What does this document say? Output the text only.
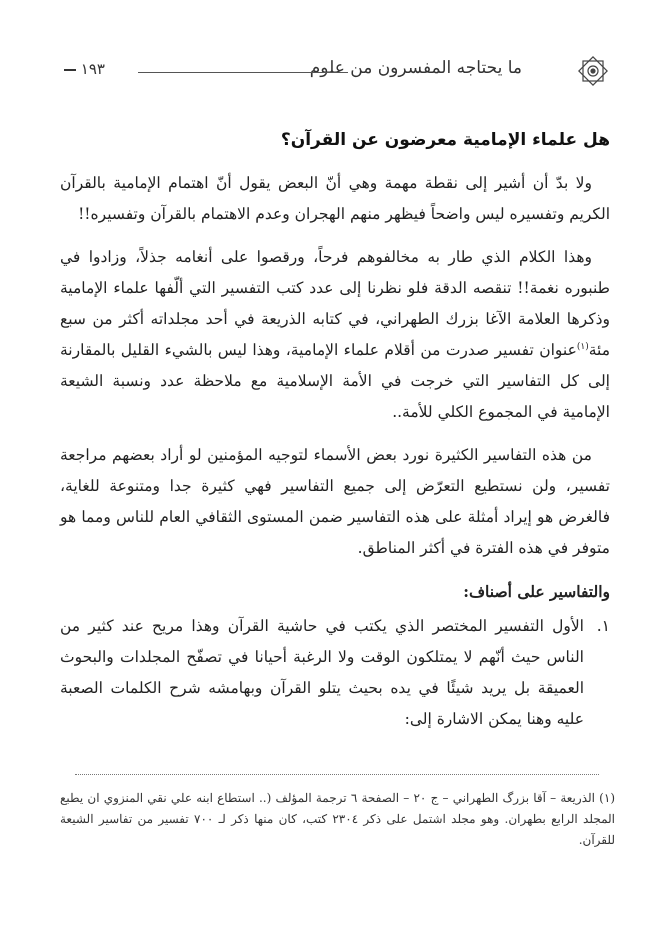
ما يحتاجه المفسرون من علوم
١٩٣
هل علماء الإمامية معرضون عن القرآن؟

ولا بدّ أن أشير إلى نقطة مهمة وهي أنّ البعض يقول أنّ اهتمام الإمامية بالقرآن الكريم وتفسيره ليس واضحاً فيظهر منهم الهجران وعدم الاهتمام بالقرآن وتفسيره!!

وهذا الكلام الذي طار به مخالفوهم فرحاً، ورقصوا على أنغامه جذلاً، وزادوا في طنبوره نغمة!! تنقصه الدقة فلو نظرنا إلى عدد كتب التفسير التي ألّفها علماء الإمامية وذكرها العلامة الآغا بزرك الطهراني، في كتابه الذريعة في أحد مجلداته أكثر من سبع مئة$^{(١)}$عنوان تفسير صدرت من أقلام علماء الإمامية، وهذا ليس بالشيء القليل بالمقارنة إلى كل التفاسير التي خرجت في الأمة الإسلامية مع ملاحظة عدد ونسبة الشيعة الإمامية في المجموع الكلي للأمة..

من هذه التفاسير الكثيرة نورد بعض الأسماء لتوجيه المؤمنين لو أراد بعضهم مراجعة تفسير، ولن نستطيع التعرّض إلى جميع التفاسير فهي كثيرة جدا ومتنوعة للغاية، فالغرض هو إيراد أمثلة على هذه التفاسير ضمن المستوى الثقافي العام للناس ومما هو متوفر في هذه الفترة في أكثر المناطق.

والتفاسير على أصناف:

١.
الأول التفسير المختصر الذي يكتب في حاشية القرآن وهذا مريح عند كثير من الناس حيث أنّهم لا يمتلكون الوقت ولا الرغبة أحيانا في تصفّح المجلدات والبحوث العميقة بل يريد شيئًا في يده بحيث يتلو القرآن وبهامشه شرح الكلمات الصعبة عليه وهنا يمكن الاشارة إلى:
(١) الذريعة – آقا بزرگ الطهراني – ج ٢٠ – الصفحة ٦ ترجمة المؤلف (.. استطاع ابنه علي نقي المنزوي ان يطبع المجلد الرابع بطهران. وهو مجلد اشتمل على ذكر ٢٣٠٤ كتب، كان منها ذكر لـ ٧٠٠ تفسير من تفاسير الشيعة للقرآن.
